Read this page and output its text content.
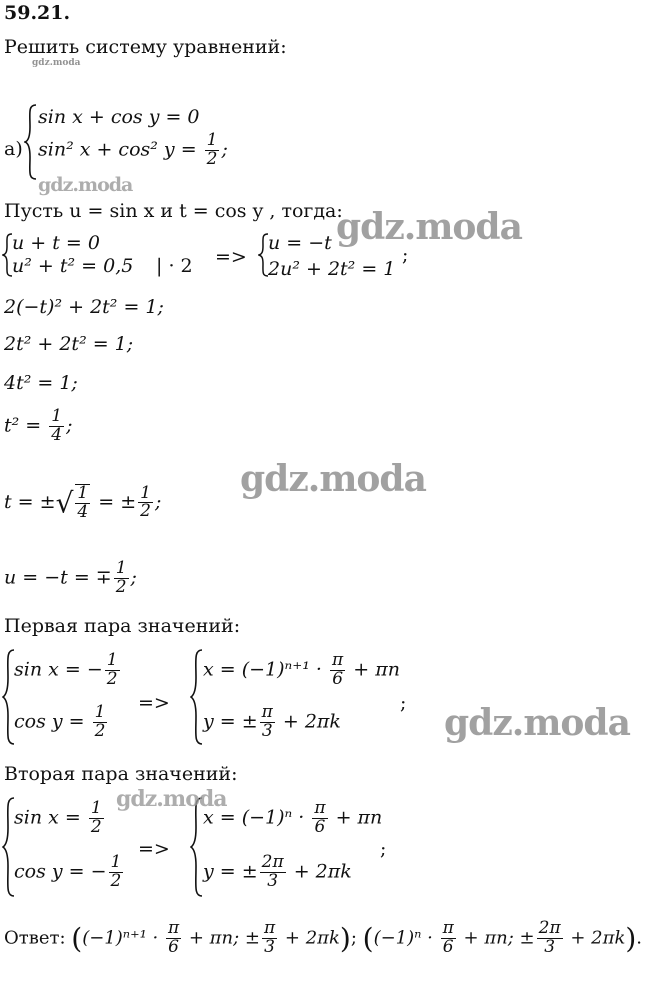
59.21.
Решить систему уравнений:
а)
sin x + cos y = 0
sin² x + cos² $y = \frac{1}{2}$ ;
Пусть u = sin x и t = cos y , тогда:
u + t = 0
u² + t² = 0,5 | · 2 =>
u = −t
2u² + 2t² = 1
;
2(−t)² + 2t² = 1;
2t² + 2t² = 1;
4t² = 1;
$t^2 = \frac{1}{4}$ ;
t = ±√ $\frac{1}{4}$ = ± $\frac{1}{2}$ ;
u = −t = ∓ $\frac{1}{2}$ ;
Первая пара значений:
sin x = − $\frac{1}{2}$
$\cos y = \frac{1}{2}$
=>
$x = (-1)^{n+1} \cdot \frac{\pi}{6} + \pi n$
y = ± $\frac{\pi}{3} + 2\pi k$
;
Вторая пара значений:
$\sin x = \frac{1}{2}$
cos y = − $\frac{1}{2}$
=>
$x = (-1)^n \cdot \frac{\pi}{6} + \pi n$
y = ± $\frac{2\pi}{3} + 2\pi k$
;
Ответ: ($(-1)^{n+1} \cdot \frac{\pi}{6} + \pi n$; ± $\frac{\pi}{3} + 2\pi k$); ($(-1)^n \cdot \frac{\pi}{6} + \pi n$; ± $\frac{2\pi}{3} + 2\pi k$).
gdz.moda
gdz.moda
gdz.moda
gdz.moda
gdz.moda
gdz.moda
